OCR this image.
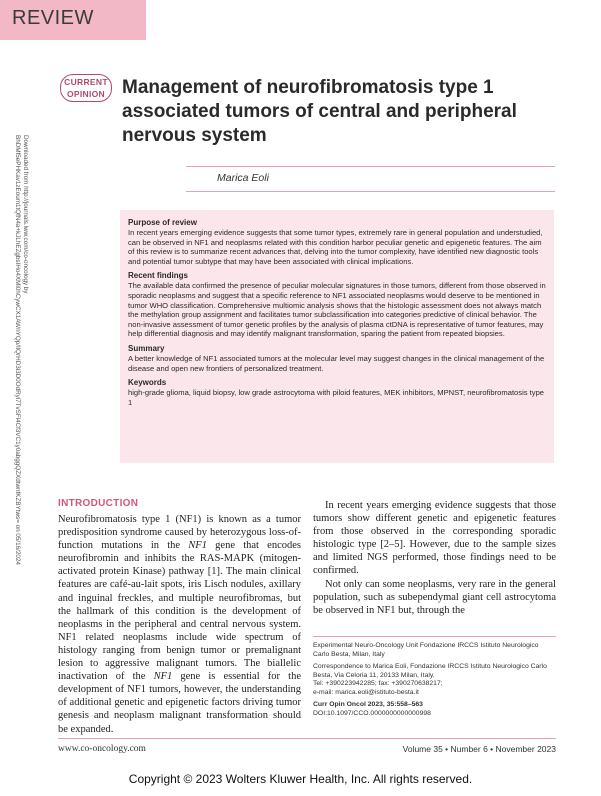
REVIEW
Downloaded from http://journals.lww.com/co-oncology by BhDMf5ePHKav1zEoum1tQfN4a+kJLhEZgbsIHo4XMi0hCywCX1AWnYQp/IlQrHD3i3D0OdRyi7TvSFl4Cf3VC1y0abggQZXdtwnfKZBYtws= on 05/16/2024
CURRENT
OPINION Management of neurofibromatosis type 1 associated tumors of central and peripheral nervous system
Marica Eoli
Purpose of review

In recent years emerging evidence suggests that some tumor types, extremely rare in general population and understudied, can be observed in NF1 and neoplasms related with this condition harbor peculiar genetic and epigenetic features. The aim of this review is to summarize recent advances that, delving into the tumor complexity, have identified new diagnostic tools and potential tumor subtype that may have been associated with clinical implications.

Recent findings

The available data confirmed the presence of peculiar molecular signatures in those tumors, different from those observed in sporadic neoplasms and suggest that a specific reference to NF1 associated neoplasms would deserve to be mentioned in tumor WHO classification. Comprehensive multiomic analysis shows that the histologic assessment does not always match the methylation group assignment and facilitates tumor subclassification into categories predictive of clinical behavior. The non-invasive assessment of tumor genetic profiles by the analysis of plasma ctDNA is representative of tumor features, may help differential diagnosis and may identify malignant transformation, sparing the patient from repeated biopsies.

Summary

A better knowledge of NF1 associated tumors at the molecular level may suggest changes in the clinical management of the disease and open new frontiers of personalized treatment.

Keywords

high-grade glioma, liquid biopsy, low grade astrocytoma with piloid features, MEK inhibitors, MPNST, neurofibromatosis type 1

INTRODUCTION

Neurofibromatosis type 1 (NF1) is known as a tumor predisposition syndrome caused by heterozygous loss-of-function mutations in the NF1 gene that encodes neurofibromin and inhibits the RAS-MAPK (mitogen-activated protein Kinase) pathway [1]. The main clinical features are café-au-lait spots, iris Lisch nodules, axillary and inguinal freckles, and multiple neurofibromas, but the hallmark of this condition is the development of neoplasms in the peripheral and central nervous system. NF1 related neoplasms include wide spectrum of histology ranging from benign tumor or premalignant lesion to aggressive malignant tumors. The biallelic inactivation of the NF1 gene is essential for the development of NF1 tumors, however, the understanding of additional genetic and epigenetic factors driving tumor genesis and neoplasm malignant transformation should be expanded.

In recent years emerging evidence suggests that those tumors show different genetic and epigenetic features from those observed in the corresponding sporadic histologic type [2–5]. However, due to the sample sizes and limited NGS performed, those findings need to be confirmed.

Not only can some neoplasms, very rare in the general population, such as subependymal giant cell astrocytoma be observed in NF1 but, through the

Experimental Neuro-Oncology Unit Fondazione IRCCS Istituto Neurologico Carlo Besta, Milan, Italy

Correspondence to Marica Eoli, Fondazione IRCCS Istituto Neurologico Carlo Besta, Via Celoria 11, 20133 Milan, Italy.

Tel: +390223942285; fax: +390270638217;

e-mail: marica.eoli@istituto-besta.it

Curr Opin Oncol 2023, 35:558–563

DOI:10.1097/CCO.0000000000000998

www.co-oncology.com	Volume 35 • Number 6 • November 2023
Copyright © 2023 Wolters Kluwer Health, Inc. All rights reserved.
